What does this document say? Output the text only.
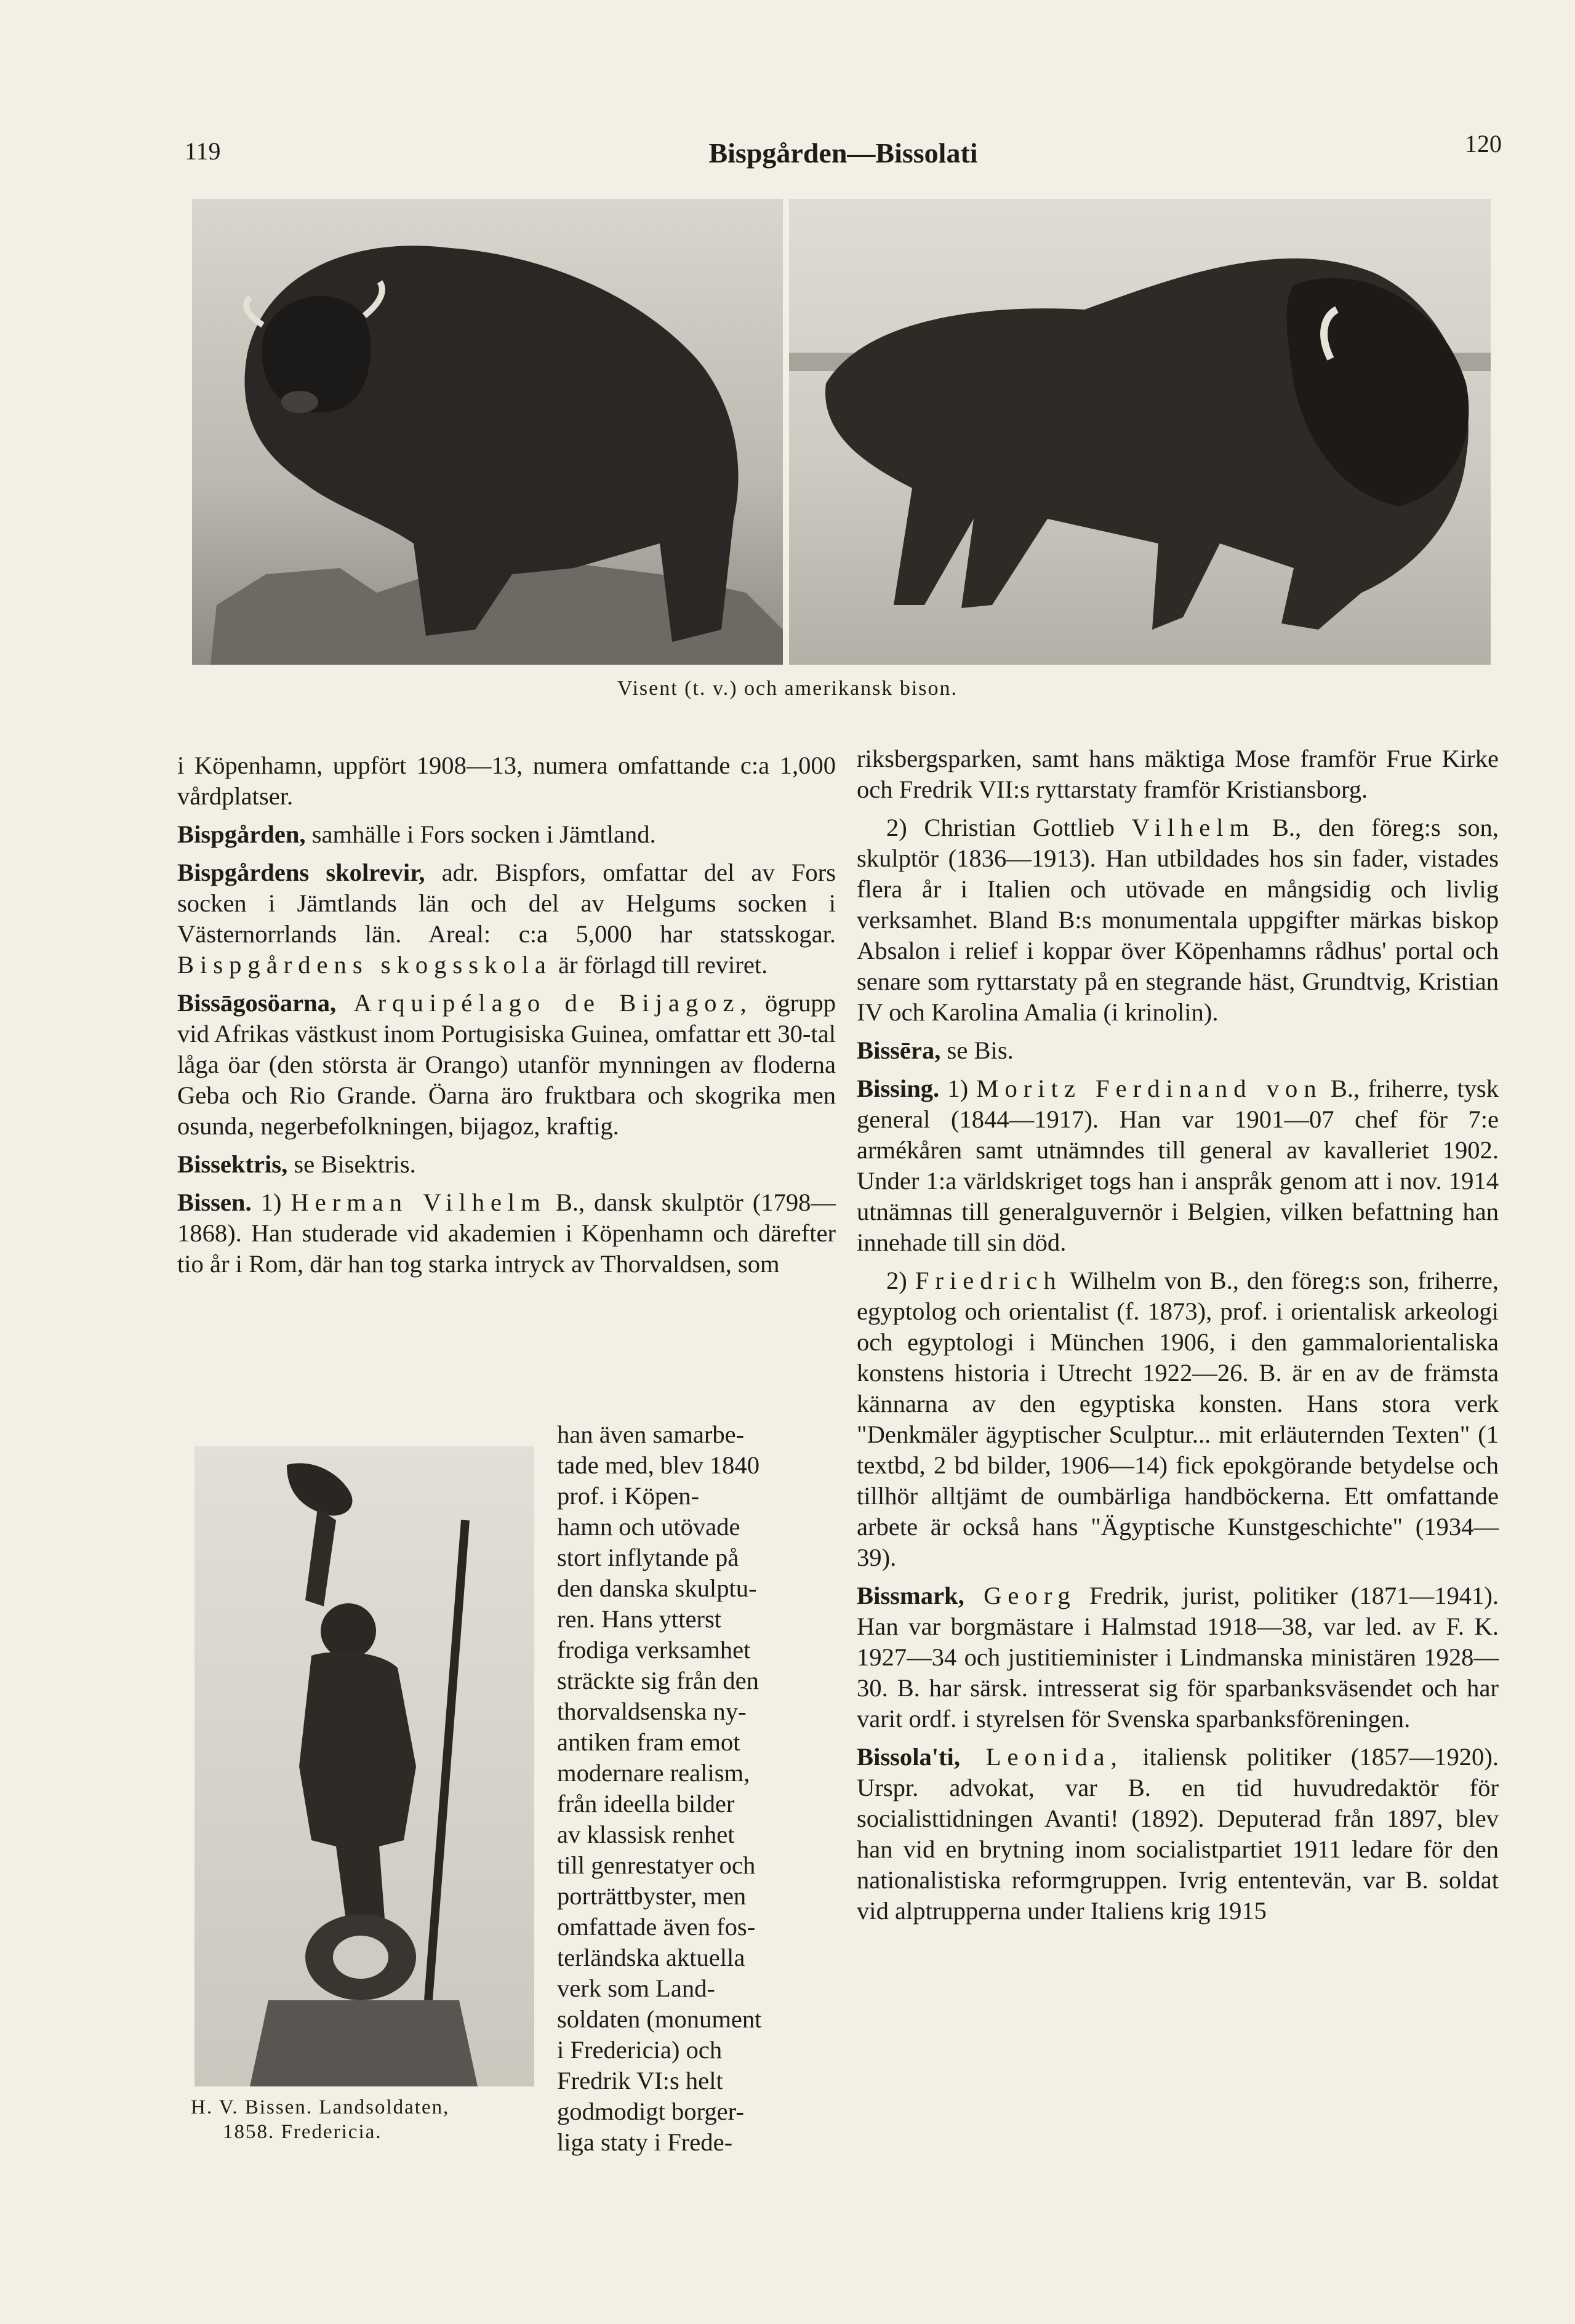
119	Bispgården—Bissolati	120
Visent (t. v.) och amerikansk bison.

i Köpenhamn, uppfört 1908—13, numera omfattande c:a 1,000 vårdplatser.

Bispgården, samhälle i Fors socken i Jämtland.

Bispgårdens skolrevir, adr. Bispfors, omfattar del av Fors socken i Jämtlands län och del av Helgums socken i Västernorrlands län. Areal: c:a 5,000 har statsskogar. Bispgårdens skogsskola är förlagd till reviret.

Bissāgosöarna, Arquipélago de Bijagoz, ögrupp vid Afrikas västkust inom Portugisiska Guinea, omfattar ett 30-tal låga öar (den största är Orango) utanför mynningen av floderna Geba och Rio Grande. Öarna äro fruktbara och skogrika men osunda, negerbefolkningen, bijagoz, kraftig.

Bissektris, se Bisektris.

Bissen. 1) Herman Vilhelm B., dansk skulptör (1798—1868). Han studerade vid akademien i Köpenhamn och därefter tio år i Rom, där han tog starka intryck av Thorvaldsen, som

han även samarbe-
tade med, blev 1840
prof. i Köpen-
hamn och utövade
stort inflytande på
den danska skulptu-
ren. Hans ytterst
frodiga verksamhet
sträckte sig från den
thorvaldsenska ny-
antiken fram emot
modernare realism,
från ideella bilder
av klassisk renhet
till genrestatyer och
porträttbyster, men
omfattade även fos-
terländska aktuella
verk som Land-
soldaten (monument
i Fredericia) och
Fredrik VI:s helt
godmodigt borger-
liga staty i Frede-
H. V. Bissen. Landsoldaten,
1858. Fredericia.

riksbergsparken, samt hans mäktiga Mose framför Frue Kirke och Fredrik VII:s ryttarstaty framför Kristiansborg.

2) Christian Gottlieb Vilhelm B., den föreg:s son, skulptör (1836—1913). Han utbildades hos sin fader, vistades flera år i Italien och utövade en mångsidig och livlig verksamhet. Bland B:s monumentala uppgifter märkas biskop Absalon i relief i koppar över Köpenhamns rådhus' portal och senare som ryttarstaty på en stegrande häst, Grundtvig, Kristian IV och Karolina Amalia (i krinolin).

Bissēra, se Bis.

Bissing. 1) Moritz Ferdinand von B., friherre, tysk general (1844—1917). Han var 1901—07 chef för 7:e armékåren samt utnämndes till general av kavalleriet 1902. Under 1:a världskriget togs han i anspråk genom att i nov. 1914 utnämnas till generalguvernör i Belgien, vilken befattning han innehade till sin död.

2) Friedrich Wilhelm von B., den föreg:s son, friherre, egyptolog och orientalist (f. 1873), prof. i orientalisk arkeologi och egyptologi i München 1906, i den gammalorientaliska konstens historia i Utrecht 1922—26. B. är en av de främsta kännarna av den egyptiska konsten. Hans stora verk "Denkmäler ägyptischer Sculptur... mit erläuternden Texten" (1 textbd, 2 bd bilder, 1906—14) fick epokgörande betydelse och tillhör alltjämt de oumbärliga handböckerna. Ett omfattande arbete är också hans "Ägyptische Kunstgeschichte" (1934—39).

Bissmark, Georg Fredrik, jurist, politiker (1871—1941). Han var borgmästare i Halmstad 1918—38, var led. av F. K. 1927—34 och justitieminister i Lindmanska ministären 1928—30. B. har särsk. intresserat sig för sparbanksväsendet och har varit ordf. i styrelsen för Svenska sparbanksföreningen.

Bissola'ti, Leonida, italiensk politiker (1857—1920). Urspr. advokat, var B. en tid huvudredaktör för socialisttidningen Avanti! (1892). Deputerad från 1897, blev han vid en brytning inom socialistpartiet 1911 ledare för den nationalistiska reformgruppen. Ivrig ententevän, var B. soldat vid alptrupperna under Italiens krig 1915
